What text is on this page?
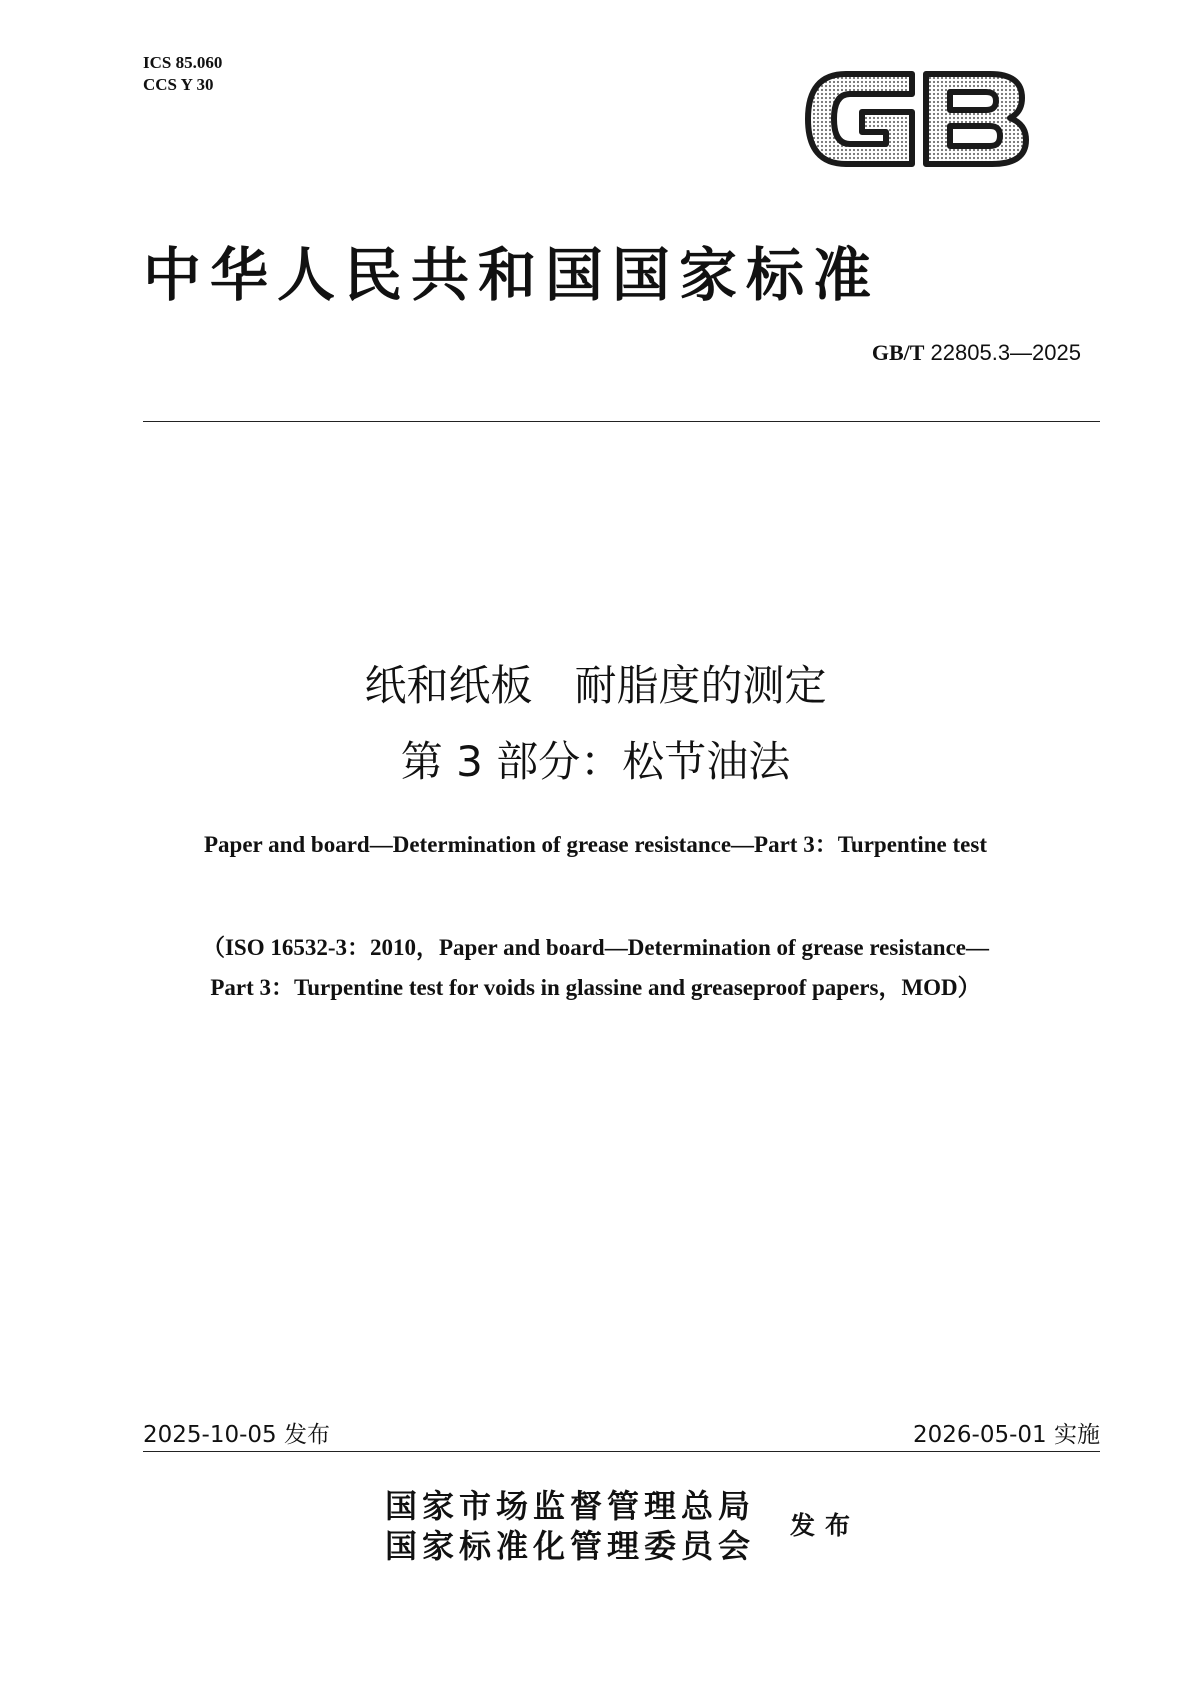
ICS 85.060
CCS Y 30
中华人民共和国国家标准
GB/T 22805.3—2025
纸和纸板　耐脂度的测定
第 3 部分：松节油法
Paper and board—Determination of grease resistance—Part 3：Turpentine test
（ISO 16532-3：2010，Paper and board—Determination of grease resistance—
Part 3：Turpentine test for voids in glassine and greaseproof papers，MOD）
2025-10-05 发布	2026-05-01 实施
国家市场监督管理总局
国家标准化管理委员会
发布
